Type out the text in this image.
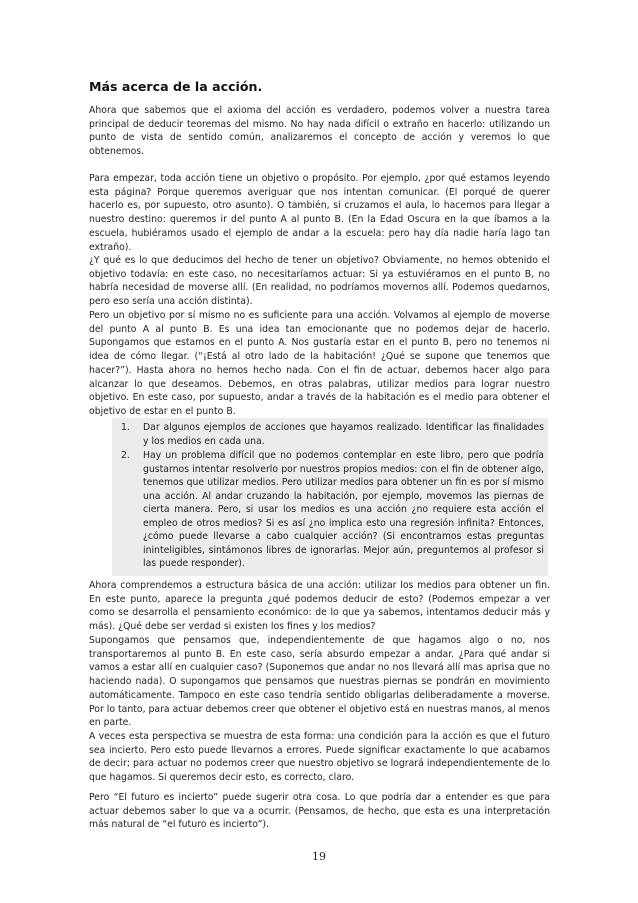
Más acerca de la acción.

Ahora que sabemos que el axioma del acción es verdadero, podemos volver a nuestra tarea principal de deducir teoremas del mismo. No hay nada difícil o extraño en hacerlo: utilizando un punto de vista de sentido común, analizaremos el concepto de acción y veremos lo que obtenemos.

Para empezar, toda acción tiene un objetivo o propósito. Por ejemplo, ¿por qué estamos leyendo esta página? Porque queremos averiguar que nos intentan comunicar. (El porqué de querer hacerlo es, por supuesto, otro asunto). O también, si cruzamos el aula, lo hacemos para llegar a nuestro destino: queremos ir del punto A al punto B. (En la Edad Oscura en la que íbamos a la escuela, hubiéramos usado el ejemplo de andar a la escuela: pero hay día nadie haría lago tan extraño).

¿Y qué es lo que deducimos del hecho de tener un objetivo? Obviamente, no hemos obtenido el objetivo todavía: en este caso, no necesitaríamos actuar: Si ya estuviéramos en el punto B, no habría necesidad de moverse allí. (En realidad, no podríamos movernos allí. Podemos quedarnos, pero eso sería una acción distinta).

Pero un objetivo por sí mismo no es suficiente para una acción. Volvamos al ejemplo de moverse del punto A al punto B. Es una idea tan emocionante que no podemos dejar de hacerlo. Supongamos que estamos en el punto A. Nos gustaría estar en el punto B, pero no tenemos ni idea de cómo llegar. (“¡Está al otro lado de la habitación! ¿Qué se supone que tenemos que hacer?”). Hasta ahora no hemos hecho nada. Con el fin de actuar, debemos hacer algo para alcanzar lo que deseamos. Debemos, en otras palabras, utilizar medios para lograr nuestro objetivo. En este caso, por supuesto, andar a través de la habitación es el medio para obtener el objetivo de estar en el punto B.

1. Dar algunos ejemplos de acciones que hayamos realizado. Identificar las finalidades y los medios en cada una.
2. Hay un problema difícil que no podemos contemplar en este libro, pero que podría gustarnos intentar resolverlo por nuestros propios medios: con el fin de obtener algo, tenemos que utilizar medios. Pero utilizar medios para obtener un fin es por sí mismo una acción. Al andar cruzando la habitación, por ejemplo, movemos las piernas de cierta manera. Pero, si usar los medios es una acción ¿no requiere esta acción el empleo de otros medios? Si es así ¿no implica esto una regresión infinita? Entonces, ¿cómo puede llevarse a cabo cualquier acción? (Si encontramos estas preguntas ininteligibles, sintámonos libres de ignorarlas. Mejor aún, preguntemos al profesor si las puede responder).

Ahora comprendemos a estructura básica de una acción: utilizar los medios para obtener un fin. En este punto, aparece la pregunta ¿qué podemos deducir de esto? (Podemos empezar a ver como se desarrolla el pensamiento económico: de lo que ya sabemos, intentamos deducir más y más). ¿Qué debe ser verdad si existen los fines y los medios?

Supongamos que pensamos que, independientemente de que hagamos algo o no, nos transportaremos al punto B. En este caso, sería absurdo empezar a andar. ¿Para qué andar si vamos a estar allí en cualquier caso? (Suponemos que andar no nos llevará allí mas aprisa que no haciendo nada). O supongamos que pensamos que nuestras piernas se pondrán en movimiento automáticamente. Tampoco en este caso tendría sentido obligarlas deliberadamente a moverse. Por lo tanto, para actuar debemos creer que obtener el objetivo está en nuestras manos, al menos en parte.

A veces esta perspectiva se muestra de esta forma: una condición para la acción es que el futuro sea incierto. Pero esto puede llevarnos a errores. Puede significar exactamente lo que acabamos de decir; para actuar no podemos creer que nuestro objetivo se logrará independientemente de lo que hagamos. Si queremos decir esto, es correcto, claro.

Pero “El futuro es incierto” puede sugerir otra cosa. Lo que podría dar a entender es que para actuar debemos saber lo que va a ocurrir. (Pensamos, de hecho, que esta es una interpretación más natural de “el futuro es incierto”).

19
